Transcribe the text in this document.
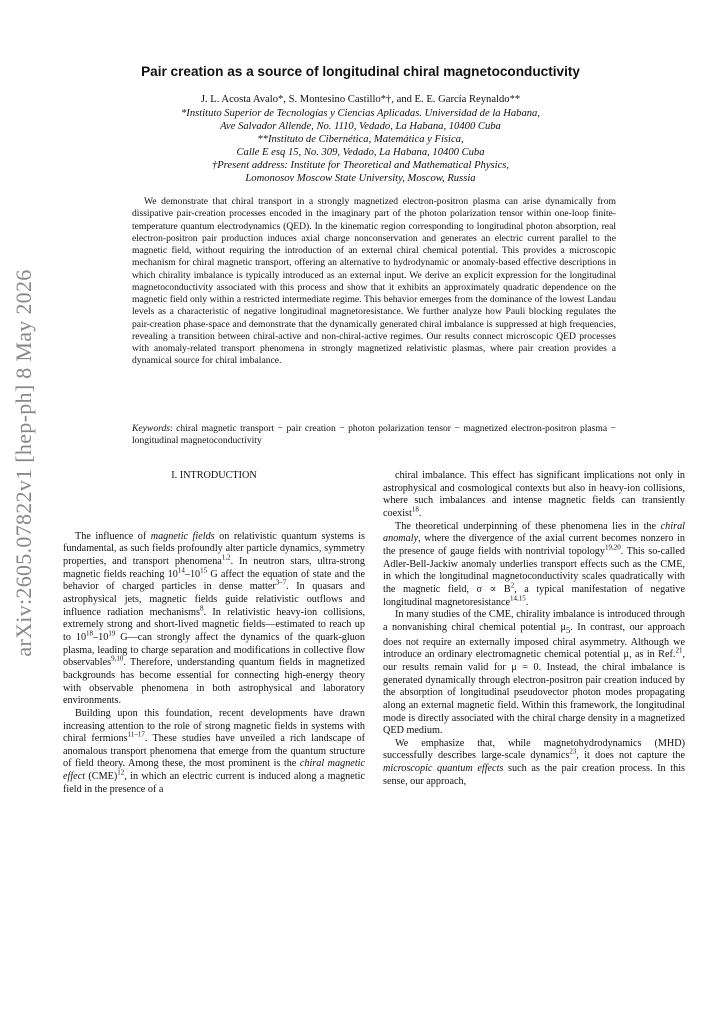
arXiv:2605.07822v1 [hep-ph] 8 May 2026
Pair creation as a source of longitudinal chiral magnetoconductivity
J. L. Acosta Avalo*, S. Montesino Castillo*†, and E. E. García Reynaldo**
*Instituto Superior de Tecnologías y Ciencias Aplicadas. Universidad de la Habana,
Ave Salvador Allende, No. 1110, Vedado, La Habana, 10400 Cuba
**Instituto de Cibernética, Matemática y Física,
Calle E esq 15, No. 309, Vedado, La Habana, 10400 Cuba
†Present address: Institute for Theoretical and Mathematical Physics,
Lomonosov Moscow State University, Moscow, Russia
We demonstrate that chiral transport in a strongly magnetized electron-positron plasma can arise dynamically from dissipative pair-creation processes encoded in the imaginary part of the photon polarization tensor within one-loop finite-temperature quantum electrodynamics (QED). In the kinematic region corresponding to longitudinal photon absorption, real electron-positron pair production induces axial charge nonconservation and generates an electric current parallel to the magnetic field, without requiring the introduction of an external chiral chemical potential. This provides a microscopic mechanism for chiral magnetic transport, offering an alternative to hydrodynamic or anomaly-based effective descriptions in which chirality imbalance is typically introduced as an external input. We derive an explicit expression for the longitudinal magnetoconductivity associated with this process and show that it exhibits an approximately quadratic dependence on the magnetic field only within a restricted intermediate regime. This behavior emerges from the dominance of the lowest Landau levels as a characteristic of negative longitudinal magnetoresistance. We further analyze how Pauli blocking regulates the pair-creation phase-space and demonstrate that the dynamically generated chiral imbalance is suppressed at high frequencies, revealing a transition between chiral-active and non-chiral-active regimes. Our results connect microscopic QED processes with anomaly-related transport phenomena in strongly magnetized relativistic plasmas, where pair creation provides a dynamical source for chiral imbalance.
Keywords: chiral magnetic transport − pair creation − photon polarization tensor − magnetized electron-positron plasma − longitudinal magnetoconductivity
I. INTRODUCTION

The influence of magnetic fields on relativistic quantum systems is fundamental, as such fields profoundly alter particle dynamics, symmetry properties, and transport phenomena$^{1,2}$. In neutron stars, ultra-strong magnetic fields reaching $10^{14}-10^{15}$ G affect the equation of state and the behavior of charged particles in dense matter$^{3-7}$. In quasars and astrophysical jets, magnetic fields guide relativistic outflows and influence radiation mechanisms$^8$. In relativistic heavy-ion collisions, extremely strong and short-lived magnetic fields—estimated to reach up to $10^{18}-10^{19}$ G—can strongly affect the dynamics of the quark-gluon plasma, leading to charge separation and modifications in collective flow observables$^{9,10}$. Therefore, understanding quantum fields in magnetized backgrounds has become essential for connecting high-energy theory with observable phenomena in both astrophysical and laboratory environments.

Building upon this foundation, recent developments have drawn increasing attention to the role of strong magnetic fields in systems with chiral fermions$^{11-17}$. These studies have unveiled a rich landscape of anomalous transport phenomena that emerge from the quantum structure of field theory. Among these, the most prominent is the chiral magnetic effect (CME)$^{12}$, in which an electric current is induced along a magnetic field in the presence of a

chiral imbalance. This effect has significant implications not only in astrophysical and cosmological contexts but also in heavy-ion collisions, where such imbalances and intense magnetic fields can transiently coexist$^{18}$.

The theoretical underpinning of these phenomena lies in the chiral anomaly, where the divergence of the axial current becomes nonzero in the presence of gauge fields with nontrivial topology$^{19,20}$. This so-called Adler-Bell-Jackiw anomaly underlies transport effects such as the CME, in which the longitudinal magnetoconductivity scales quadratically with the magnetic field, $\sigma \propto B^2$, a typical manifestation of negative longitudinal magnetoresistance$^{14,15}$.

In many studies of the CME, chirality imbalance is introduced through a nonvanishing chiral chemical potential $\mu_5$. In contrast, our approach does not require an externally imposed chiral asymmetry. Although we introduce an ordinary electromagnetic chemical potential μ, as in Ref.$^{21}$, our results remain valid for μ = 0. Instead, the chiral imbalance is generated dynamically through electron-positron pair creation induced by the absorption of longitudinal pseudovector photon modes propagating along an external magnetic field. Within this framework, the longitudinal mode is directly associated with the chiral charge density in a magnetized QED medium.

We emphasize that, while magnetohydrodynamics (MHD) successfully describes large-scale dynamics$^{23}$, it does not capture the microscopic quantum effects such as the pair creation process. In this sense, our approach,
